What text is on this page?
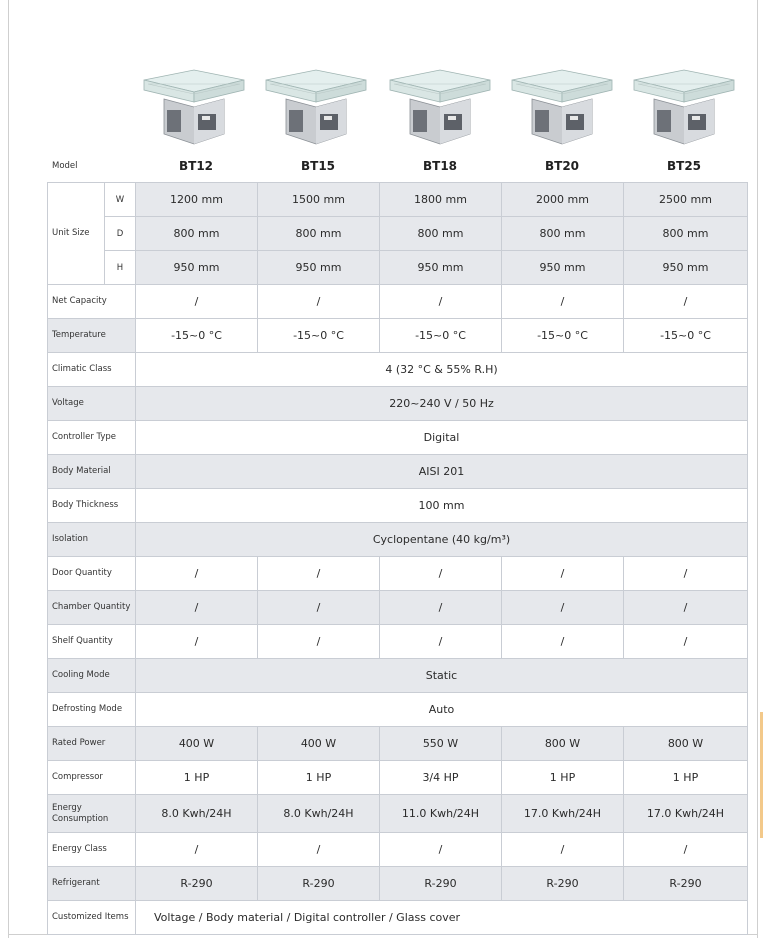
Model	BT12	BT15	BT18	BT20	BT25
Unit Size	W	1200 mm	1500 mm	1800 mm	2000 mm	2500 mm
	D	800 mm	800 mm	800 mm	800 mm	800 mm
	H	950 mm	950 mm	950 mm	950 mm	950 mm
Net Capacity		/	/	/	/	/
Temperature		-15~0 °C	-15~0 °C	-15~0 °C	-15~0 °C	-15~0 °C
Climatic Class		4 (32 °C & 55% R.H)				
Voltage		220~240 V / 50 Hz				
Controller Type		Digital				
Body Material		AISI 201				
Body Thickness		100 mm				
Isolation		Cyclopentane (40 kg/m³)				
Door Quantity		/	/	/	/	/
Chamber Quantity		/	/	/	/	/
Shelf Quantity		/	/	/	/	/
Cooling Mode		Static				
Defrosting Mode		Auto				
Rated Power		400 W	400 W	550 W	800 W	800 W
Compressor		1 HP	1 HP	3/4 HP	1 HP	1 HP
Energy Consumption		8.0 Kwh/24H	8.0 Kwh/24H	11.0 Kwh/24H	17.0 Kwh/24H	17.0 Kwh/24H
Energy Class		/	/	/	/	/
Refrigerant		R-290	R-290	R-290	R-290	R-290
Customized Items		Voltage / Body material / Digital controller / Glass cover				
